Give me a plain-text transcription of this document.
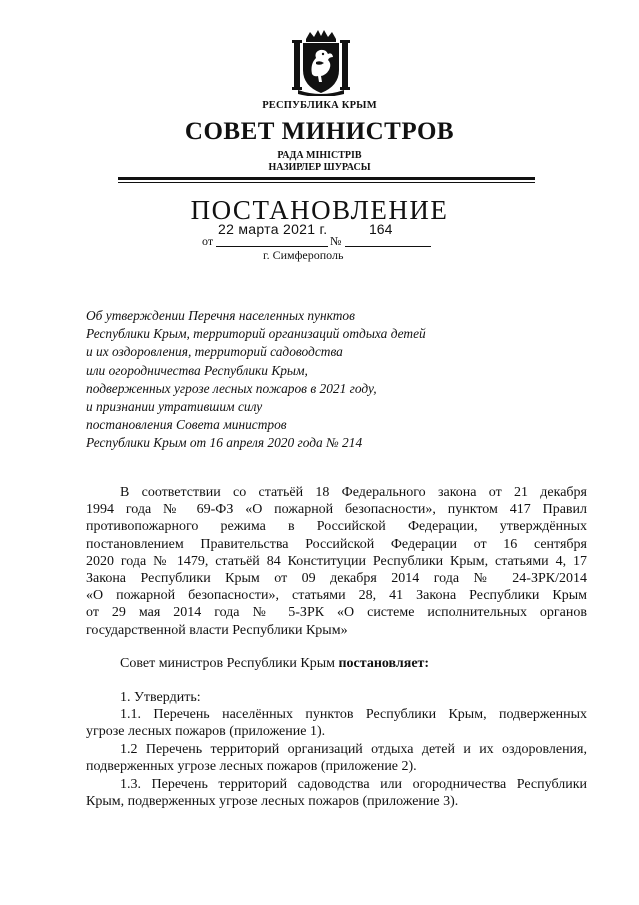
РЕСПУБЛИКА КРЫМ
СОВЕТ МИНИСТРОВ
РАДА МІНІСТРІВ
НАЗИРЛЕР ШУРАСЫ
ПОСТАНОВЛЕНИЕ
22 марта 2021 г.	164
от	№
г. Симферополь
Об утверждении Перечня населенных пунктов
Республики Крым, территорий организаций отдыха детей
и их оздоровления, территорий садоводства
или огородничества Республики Крым,
подверженных угрозе лесных пожаров в 2021 году,
и признании утратившим силу
постановления Совета министров
Республики Крым от 16 апреля 2020 года № 214
В соответствии со статьёй 18 Федерального закона от 21 декабря
1994 года № 69-ФЗ «О пожарной безопасности», пунктом 417 Правил
противопожарного режима в Российской Федерации, утверждённых
постановлением Правительства Российской Федерации от 16 сентября
2020 года № 1479, статьёй 84 Конституции Республики Крым, статьями 4, 17
Закона Республики Крым от 09 декабря 2014 года № 24-ЗРК/2014
«О пожарной безопасности», статьями 28, 41 Закона Республики Крым
от 29 мая 2014 года № 5-ЗРК «О системе исполнительных органов
государственной власти Республики Крым»
Совет министров Республики Крым постановляет:
1. Утвердить:
1.1. Перечень населённых пунктов Республики Крым, подверженных
угрозе лесных пожаров (приложение 1).
1.2 Перечень территорий организаций отдыха детей и их оздоровления,
подверженных угрозе лесных пожаров (приложение 2).
1.3. Перечень территорий садоводства или огородничества Республики
Крым, подверженных угрозе лесных пожаров (приложение 3).
